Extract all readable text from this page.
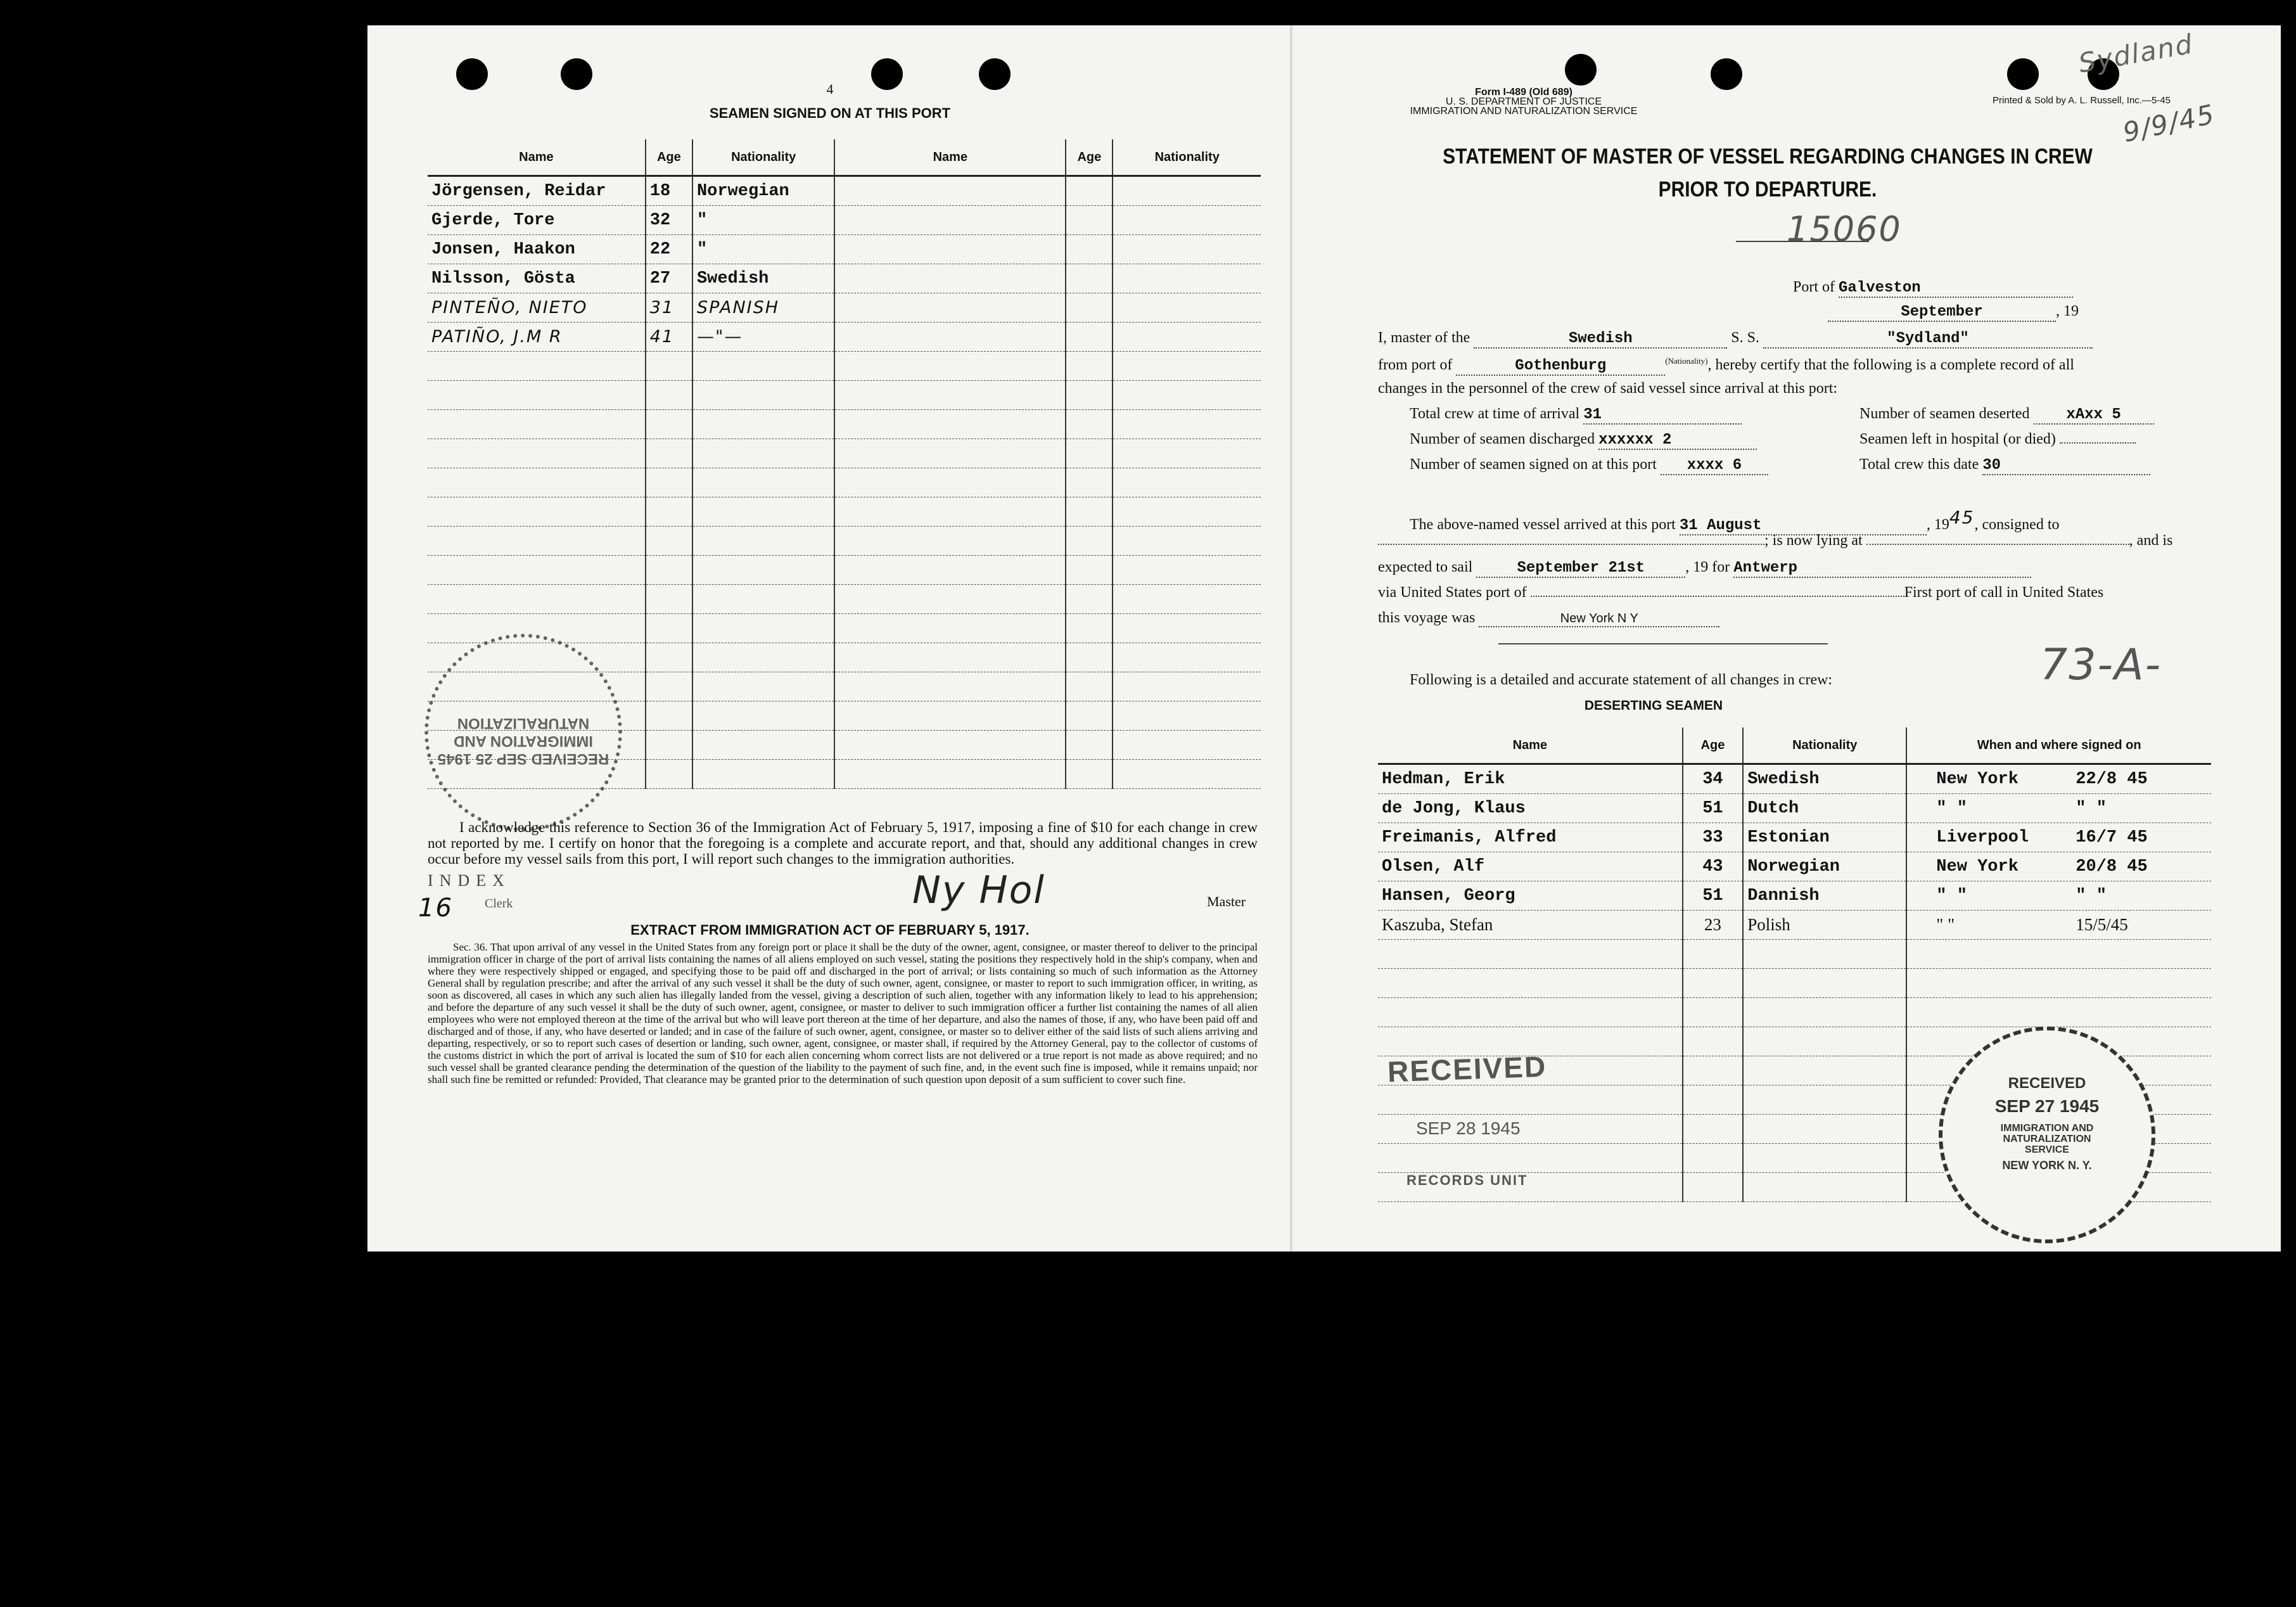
4
SEAMEN SIGNED ON AT THIS PORT
Name	Age	Nationality	Name	Age	Nationality
Jörgensen, Reidar	18	Norwegian			
Gjerde, Tore	32	"			
Jonsen, Haakon	22	"			
Nilsson, Gösta	27	Swedish			
PINTEÑO, NIETO	31	SPANISH			
PATIÑO, J.M R	41	—"—			

RECEIVED SEP 25 1945 IMMIGRATION AND NATURALIZATION
I acknowledge this reference to Section 36 of the Immigration Act of February 5, 1917, imposing a fine of $10 for each change in crew not reported by me. I certify on honor that the foregoing is a complete and accurate report, and that, should any additional changes in crew occur before my vessel sails from this port, I will report such changes to the immigration authorities.
Ny Hol	Master
INDEX
16	Clerk
EXTRACT FROM IMMIGRATION ACT OF FEBRUARY 5, 1917.
Sec. 36. That upon arrival of any vessel in the United States from any foreign port or place it shall be the duty of the owner, agent, consignee, or master thereof to deliver to the principal immigration officer in charge of the port of arrival lists containing the names of all aliens employed on such vessel, stating the positions they respectively hold in the ship's company, when and where they were respectively shipped or engaged, and specifying those to be paid off and discharged in the port of arrival; or lists containing so much of such information as the Attorney General shall by regulation prescribe; and after the arrival of any such vessel it shall be the duty of such owner, agent, consignee, or master to report to such immigration officer, in writing, as soon as discovered, all cases in which any such alien has illegally landed from the vessel, giving a description of such alien, together with any information likely to lead to his apprehension; and before the departure of any such vessel it shall be the duty of such owner, agent, consignee, or master to deliver to such immigration officer a further list containing the names of all alien employees who were not employed thereon at the time of the arrival but who will leave port thereon at the time of her departure, and also the names of those, if any, who have been paid off and discharged and of those, if any, who have deserted or landed; and in case of the failure of such owner, agent, consignee, or master so to deliver either of the said lists of such aliens arriving and departing, respectively, or so to report such cases of desertion or landing, such owner, agent, consignee, or master shall, if required by the Attorney General, pay to the collector of customs of the customs district in which the port of arrival is located the sum of $10 for each alien concerning whom correct lists are not delivered or a true report is not made as above required; and no such vessel shall be granted clearance pending the determination of the question of the liability to the payment of such fine, and, in the event such fine is imposed, while it remains unpaid; nor shall such fine be remitted or refunded: Provided, That clearance may be granted prior to the determination of such question upon deposit of a sum sufficient to cover such fine.
Form I-489 (Old 689)
U. S. DEPARTMENT OF JUSTICE
IMMIGRATION AND NATURALIZATION SERVICE
Printed & Sold by A. L. Russell, Inc.—5-45
Sydland
9/9/45
STATEMENT OF MASTER OF VESSEL REGARDING CHANGES IN CREW
PRIOR TO DEPARTURE.
15060
Port of Galveston
September	, 19
I, master of the	Swedish	S. S.	"Sydland"
from port of	Gothenburg	$^{(Nationality)}$, hereby certify that the following is a complete record of all
changes in the personnel of the crew of said vessel since arrival at this port:
Total crew at time of arrival 31	Number of seamen deserted xAxx 5
Number of seamen discharged xxxxxx 2	Seamen left in hospital (or died)
Number of seamen signed on at this port xxxx 6	Total crew this date 30
The above-named vessel arrived at this port 31 August	, $19^{45}$, consigned to
; is now lying at	, and is
expected to sail	September 21st	, 19 for Antwerp
via United States port of	First port of call in United States
this voyage was	New York N Y
Following is a detailed and accurate statement of all changes in crew:	73-A-
DESERTING SEAMEN
Name	Age	Nationality	When and where signed on
Hedman, Erik	34	Swedish	New York 22/8 45
de Jong, Klaus	51	Dutch	" " " "
Freimanis, Alfred	33	Estonian	Liverpool 16/7 45
Olsen, Alf	43	Norwegian	New York 20/8 45
Hansen, Georg	51	Dannish	" " " "
Kaszuba, Stefan	23	Polish	" " 15/5/45

RECEIVED
SEP 28 1945
RECORDS UNIT
RECEIVED
SEP 27 1945
IMMIGRATION AND NATURALIZATION SERVICE
NEW YORK N. Y.
